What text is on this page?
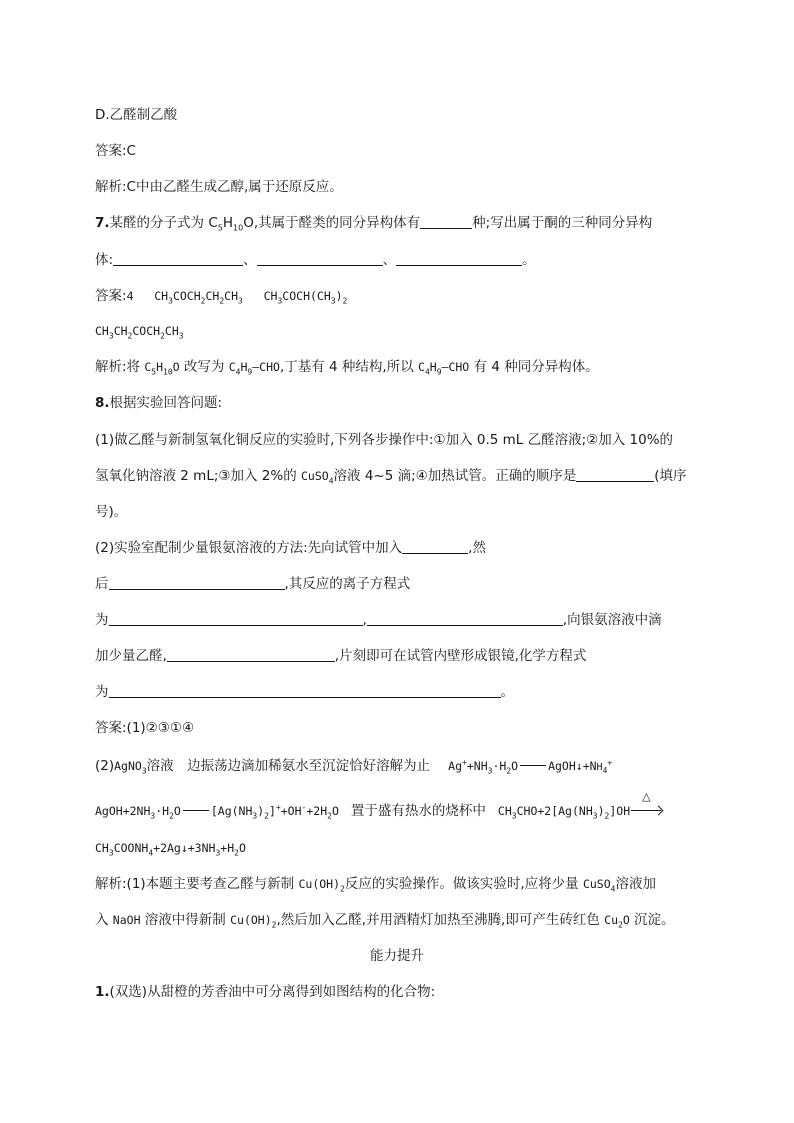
D.乙醛制乙酸
答案:C
解析:C中由乙醛生成乙醇,属于还原反应。
7.某醛的分子式为 $C_5H_{10}O$,其属于醛类的同分异构体有	种;写出属于酮的三种同分异构
体:	、	、	。
答案:4   $CH_3COCH_2CH_2CH_3$   $CH_3COCH(CH_3)_2$
$CH_3CH_2COCH_2CH_3$
解析:将 $C_5H_{10}O$ 改写为 $C_4H_9—CHO$,丁基有 4 种结构,所以 $C_4H_9—CHO$ 有 4 种同分异构体。
8.根据实验回答问题:
(1)做乙醛与新制氢氧化铜反应的实验时,下列各步操作中:①加入 0.5 mL 乙醛溶液;②加入 10%的
氢氧化钠溶液 2 mL;③加入 2%的 CuSO$_4$溶液 4~5 滴;④加热试管。正确的顺序是	(填序
号)。
(2)实验室配制少量银氨溶液的方法:先向试管中加入	,然
后	,其反应的离子方程式
为	,	,向银氨溶液中滴
加少量乙醛,	,片刻即可在试管内壁形成银镜,化学方程式
为	。
答案:(1)②③①④
(2)AgNO$_3$溶液　边振荡边滴加稀氨水至沉淀恰好溶解为止 $Ag^++NH_3\cdot H_2O$	$AgOH↓+NH_4^+$
$AgOH+2NH_3\cdot H_2O$	$[Ag(NH_3)_2]^++OH^-+2H_2O$ 置于盛有热水的烧杯中 $CH_3CHO+2[Ag(NH_3)_2]OH$
△
$CH_3COONH_4+2Ag↓+3NH_3+H_2O$
解析:(1)本题主要考查乙醛与新制 $Cu(OH)_2$反应的实验操作。做该实验时,应将少量 CuSO$_4$溶液加
入 NaOH 溶液中得新制 $Cu(OH)_2$,然后加入乙醛,并用酒精灯加热至沸腾,即可产生砖红色 $Cu_2O$ 沉淀。
能力提升
1.(双选)从甜橙的芳香油中可分离得到如图结构的化合物:
